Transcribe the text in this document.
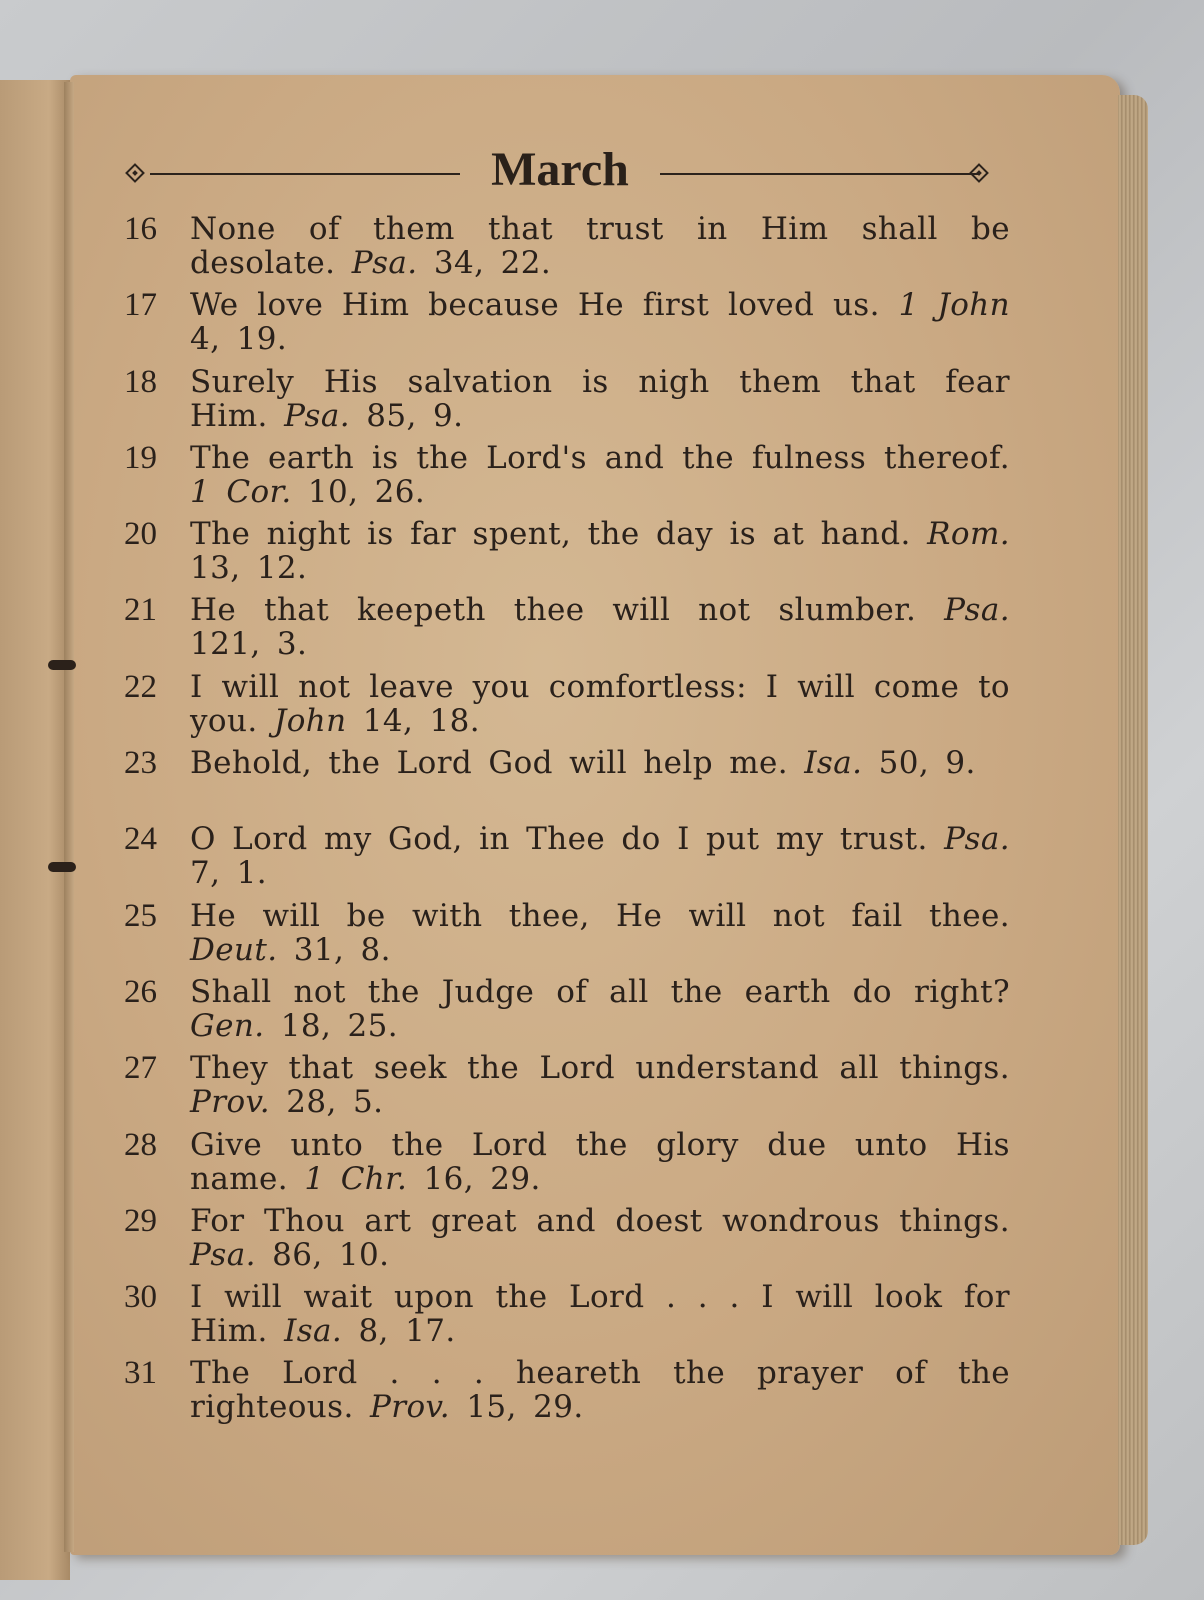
March
16 None of them that trust in Him shall be desolate. Psa. 34, 22.
17 We love Him because He first loved us. 1 John 4, 19.
18 Surely His salvation is nigh them that fear Him. Psa. 85, 9.
19 The earth is the Lord's and the fulness thereof. 1 Cor. 10, 26.
20 The night is far spent, the day is at hand. Rom. 13, 12.
21 He that keepeth thee will not slumber. Psa. 121, 3.
22 I will not leave you comfortless: I will come to you. John 14, 18.
23 Behold, the Lord God will help me. Isa. 50, 9.
24 O Lord my God, in Thee do I put my trust. Psa. 7, 1.
25 He will be with thee, He will not fail thee. Deut. 31, 8.
26 Shall not the Judge of all the earth do right? Gen. 18, 25.
27 They that seek the Lord understand all things. Prov. 28, 5.
28 Give unto the Lord the glory due unto His name. 1 Chr. 16, 29.
29 For Thou art great and doest wondrous things. Psa. 86, 10.
30 I will wait upon the Lord . . . I will look for Him. Isa. 8, 17.
31 The Lord . . . heareth the prayer of the righteous. Prov. 15, 29.
